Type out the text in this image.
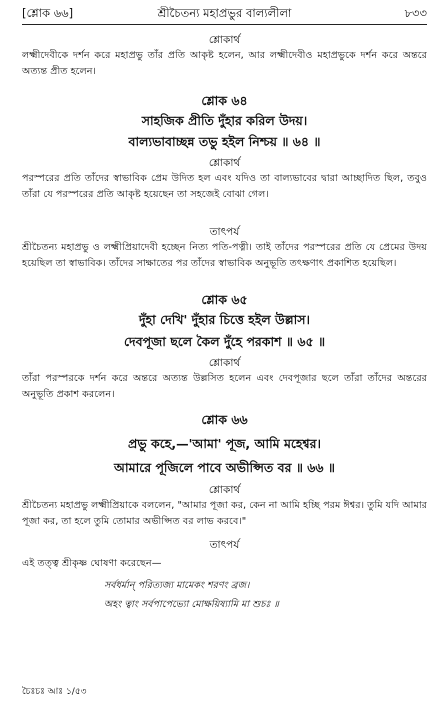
[শ্লোক ৬৬]	শ্রীচৈতন্য মহাপ্রভুর বাল্যলীলা	৮৩৩
শ্লোকার্থ
লক্ষ্মীদেবীকে দর্শন করে মহাপ্রভু তাঁর প্রতি আকৃষ্ট হলেন, আর লক্ষ্মীদেবীও মহাপ্রভুকে দর্শন করে অন্তরে অত্যন্ত প্রীত হলেন।
শ্লোক ৬৪
সাহজিক প্রীতি দুঁহার করিল উদয়।
বাল্যভাবাচ্ছন্ন তভু হইল নিশ্চয় ॥ ৬৪ ॥
শ্লোকার্থ
পরস্পরের প্রতি তাঁদের স্বাভাবিক প্রেম উদিত হল এবং যদিও তা বাল্যভাবের দ্বারা আচ্ছাদিত ছিল, তবুও তাঁরা যে পরস্পরের প্রতি আকৃষ্ট হয়েছেন তা সহজেই বোঝা গেল।
তাৎপর্য
শ্রীচৈতন্য মহাপ্রভু ও লক্ষ্মীপ্রিয়াদেবী হচ্ছেন নিত্য পতি-পত্নী। তাই তাঁদের পরস্পরের প্রতি যে প্রেমের উদয় হয়েছিল তা স্বাভাবিক। তাঁদের সাক্ষাতের পর তাঁদের স্বাভাবিক অনুভূতি তৎক্ষণাৎ প্রকাশিত হয়েছিল।
শ্লোক ৬৫
দুঁহা দেখি' দুঁহার চিত্তে হইল উল্লাস।
দেবপূজা ছলে কৈল দুঁহে পরকাশ ॥ ৬৫ ॥
শ্লোকার্থ
তাঁরা পরস্পরকে দর্শন করে অন্তরে অত্যন্ত উল্লসিত হলেন এবং দেবপূজার ছলে তাঁরা তাঁদের অন্তরের অনুভূতি প্রকাশ করলেন।
শ্লোক ৬৬
প্রভু কহে,—'আমা' পূজ, আমি মহেশ্বর।
আমারে পূজিলে পাবে অভীপ্সিত বর ॥ ৬৬ ॥
শ্লোকার্থ
শ্রীচৈতন্য মহাপ্রভু লক্ষ্মীপ্রিয়াকে বললেন, "আমার পূজা কর, কেন না আমি হচ্ছি পরম ঈশ্বর। তুমি যদি আমার পূজা কর, তা হলে তুমি তোমার অভীপ্সিত বর লাভ করবে।"
তাৎপর্য
এই তত্ত্ব শ্রীকৃষ্ণ ঘোষণা করেছেন—
সর্বধর্মান্ পরিত্যজ্য মামেকং শরণং ব্রজ।
অহং ত্বাং সর্বপাপেভ্যো মোক্ষয়িষ্যামি মা শুচঃ ॥
চৈঃচঃ আঃ ১/৫৩
